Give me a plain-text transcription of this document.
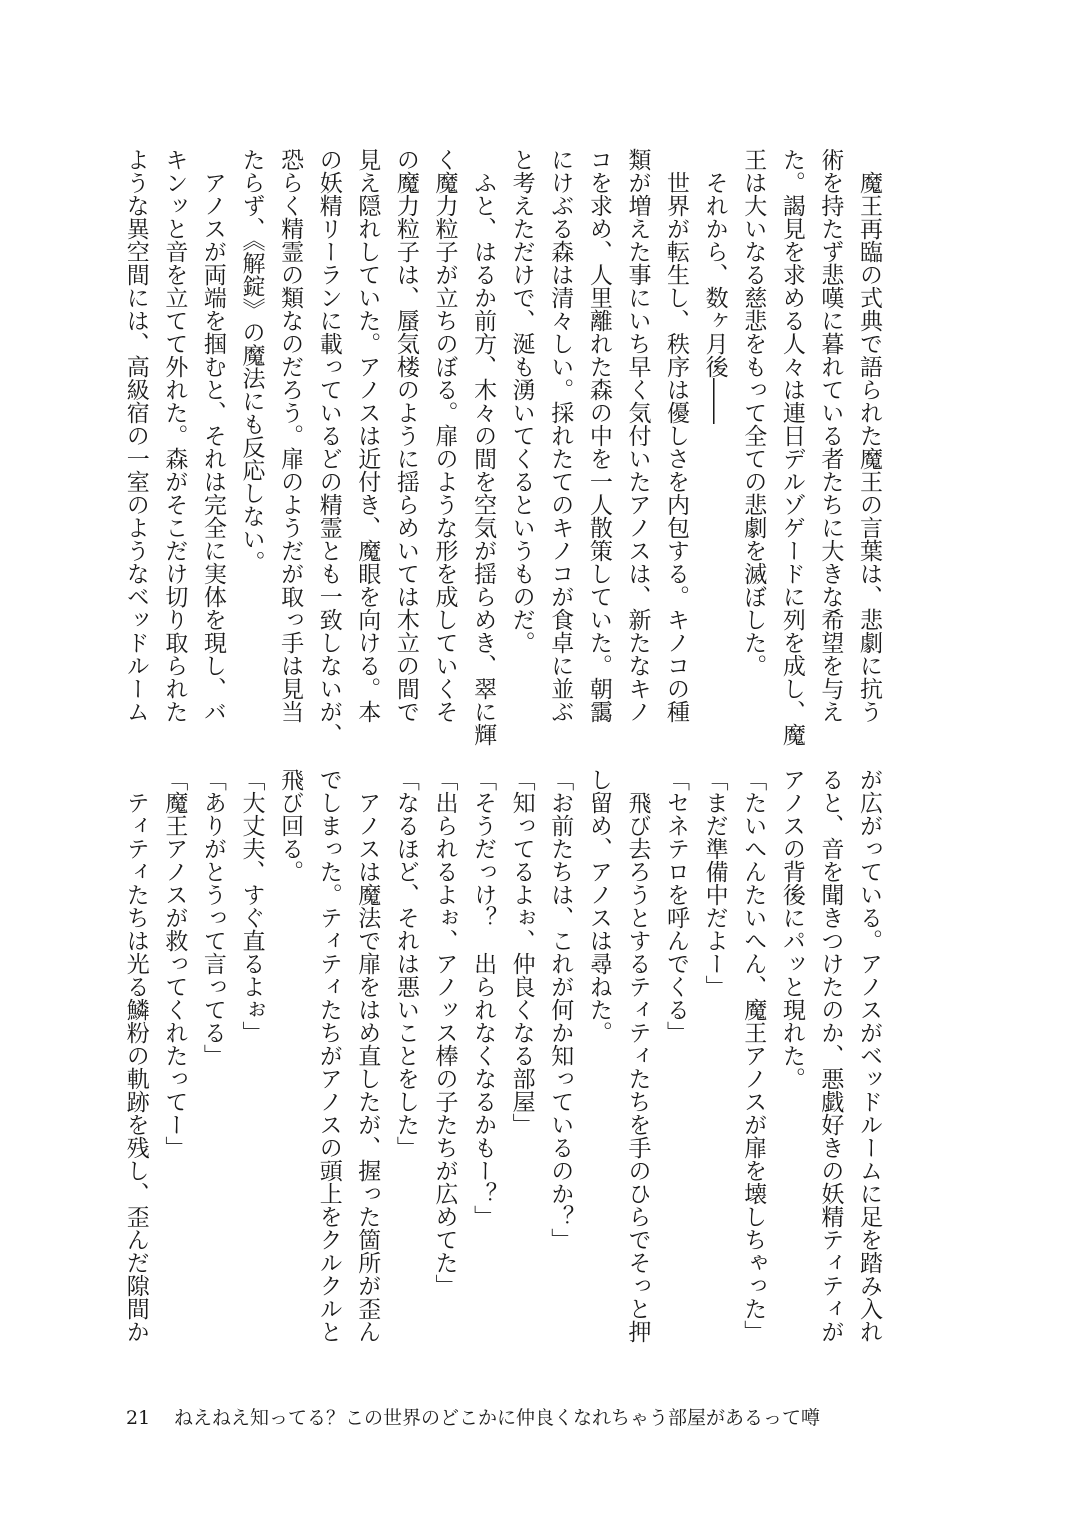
　魔王再臨の式典で語られた魔王の言葉は、悲劇に抗う
術を持たず悲嘆に暮れている者たちに大きな希望を与え
た。謁見を求める人々は連日デルゾゲードに列を成し、魔
王は大いなる慈悲をもって全ての悲劇を滅ぼした。
　それから、数ヶ月後――
　世界が転生し、秩序は優しさを内包する。キノコの種
類が増えた事にいち早く気付いたアノスは、新たなキノ
コを求め、人里離れた森の中を一人散策していた。朝靄
にけぶる森は清々しい。採れたてのキノコが食卓に並ぶ
と考えただけで、涎も湧いてくるというものだ。
　ふと、はるか前方、木々の間を空気が揺らめき、翠に輝
く魔力粒子が立ちのぼる。扉のような形を成していくそ
の魔力粒子は、蜃気楼のように揺らめいては木立の間で
見え隠れしていた。アノスは近付き、魔眼を向ける。本
の妖精リーランに載っているどの精霊とも一致しないが、
恐らく精霊の類なのだろう。扉のようだが取っ手は見当
たらず、《解錠》の魔法にも反応しない。
　アノスが両端を掴むと、それは完全に実体を現し、バ
キンッと音を立てて外れた。森がそこだけ切り取られた
ような異空間には、高級宿の一室のようなベッドルーム
が広がっている。アノスがベッドルームに足を踏み入れ
ると、音を聞きつけたのか、悪戯好きの妖精ティティが
アノスの背後にパッと現れた。
「たいへんたいへん、魔王アノスが扉を壊しちゃった」
「まだ準備中だよー」
「セネテロを呼んでくる」
　飛び去ろうとするティティたちを手のひらでそっと押
し留め、アノスは尋ねた。
「お前たちは、これが何か知っているのか？」
「知ってるよぉ、仲良くなる部屋」
「そうだっけ？　出られなくなるかもー？」
「出られるよぉ、アノッス棒の子たちが広めてた」
「なるほど、それは悪いことをした」
　アノスは魔法で扉をはめ直したが、握った箇所が歪ん
でしまった。ティティたちがアノスの頭上をクルクルと
飛び回る。
「大丈夫、すぐ直るよぉ」
「ありがとうって言ってる」
「魔王アノスが救ってくれたってー」
　ティティたちは光る鱗粉の軌跡を残し、歪んだ隙間か
21 ねえねえ知ってる？この世界のどこかに仲良くなれちゃう部屋があるって噂
